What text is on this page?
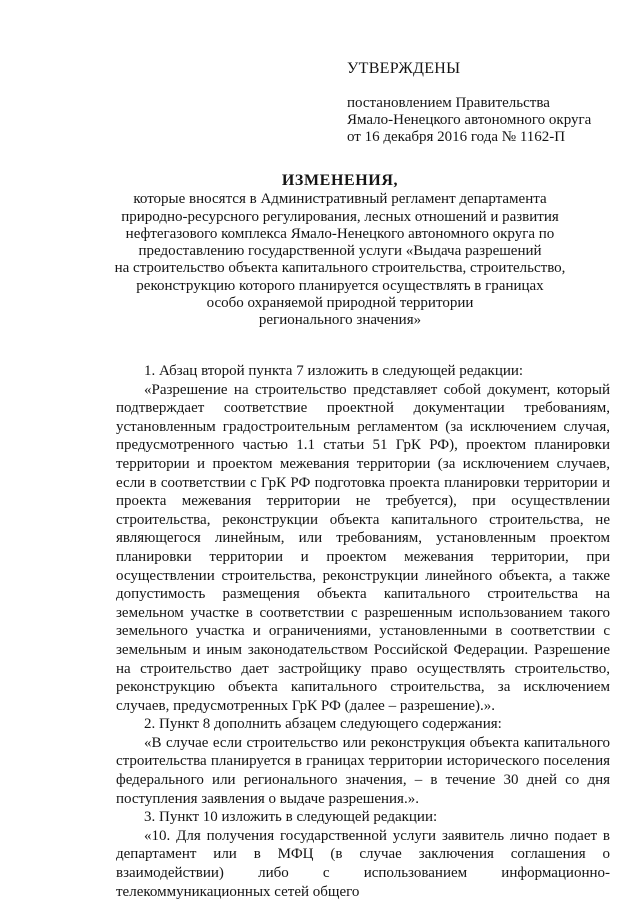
УТВЕРЖДЕНЫ
постановлением Правительства
Ямало-Ненецкого автономного округа
от 16 декабря 2016 года № 1162-П
ИЗМЕНЕНИЯ,
которые вносятся в Административный регламент департамента
природно-ресурсного регулирования, лесных отношений и развития
нефтегазового комплекса Ямало-Ненецкого автономного округа по
предоставлению государственной услуги «Выдача разрешений
на строительство объекта капитального строительства, строительство,
реконструкцию которого планируется осуществлять в границах
особо охраняемой природной территории
регионального значения»

1. Абзац второй пункта 7 изложить в следующей редакции:

«Разрешение на строительство представляет собой документ, который подтверждает соответствие проектной документации требованиям, установленным градостроительным регламентом (за исключением случая, предусмотренного частью 1.1 статьи 51 ГрК РФ), проектом планировки территории и проектом межевания территории (за исключением случаев, если в соответствии с ГрК РФ подготовка проекта планировки территории и проекта межевания территории не требуется), при осуществлении строительства, реконструкции объекта капитального строительства, не являющегося линейным, или требованиям, установленным проектом планировки территории и проектом межевания территории, при осуществлении строительства, реконструкции линейного объекта, а также допустимость размещения объекта капитального строительства на земельном участке в соответствии с разрешенным использованием такого земельного участка и ограничениями, установленными в соответствии с земельным и иным законодательством Российской Федерации. Разрешение на строительство дает застройщику право осуществлять строительство, реконструкцию объекта капитального строительства, за исключением случаев, предусмотренных ГрК РФ (далее – разрешение).».

2. Пункт 8 дополнить абзацем следующего содержания:

«В случае если строительство или реконструкция объекта капитального строительства планируется в границах территории исторического поселения федерального или регионального значения, – в течение 30 дней со дня поступления заявления о выдаче разрешения.».

3. Пункт 10 изложить в следующей редакции:

«10. Для получения государственной услуги заявитель лично подает в департамент или в МФЦ (в случае заключения соглашения о взаимодействии) либо с использованием информационно-телекоммуникационных сетей общего
